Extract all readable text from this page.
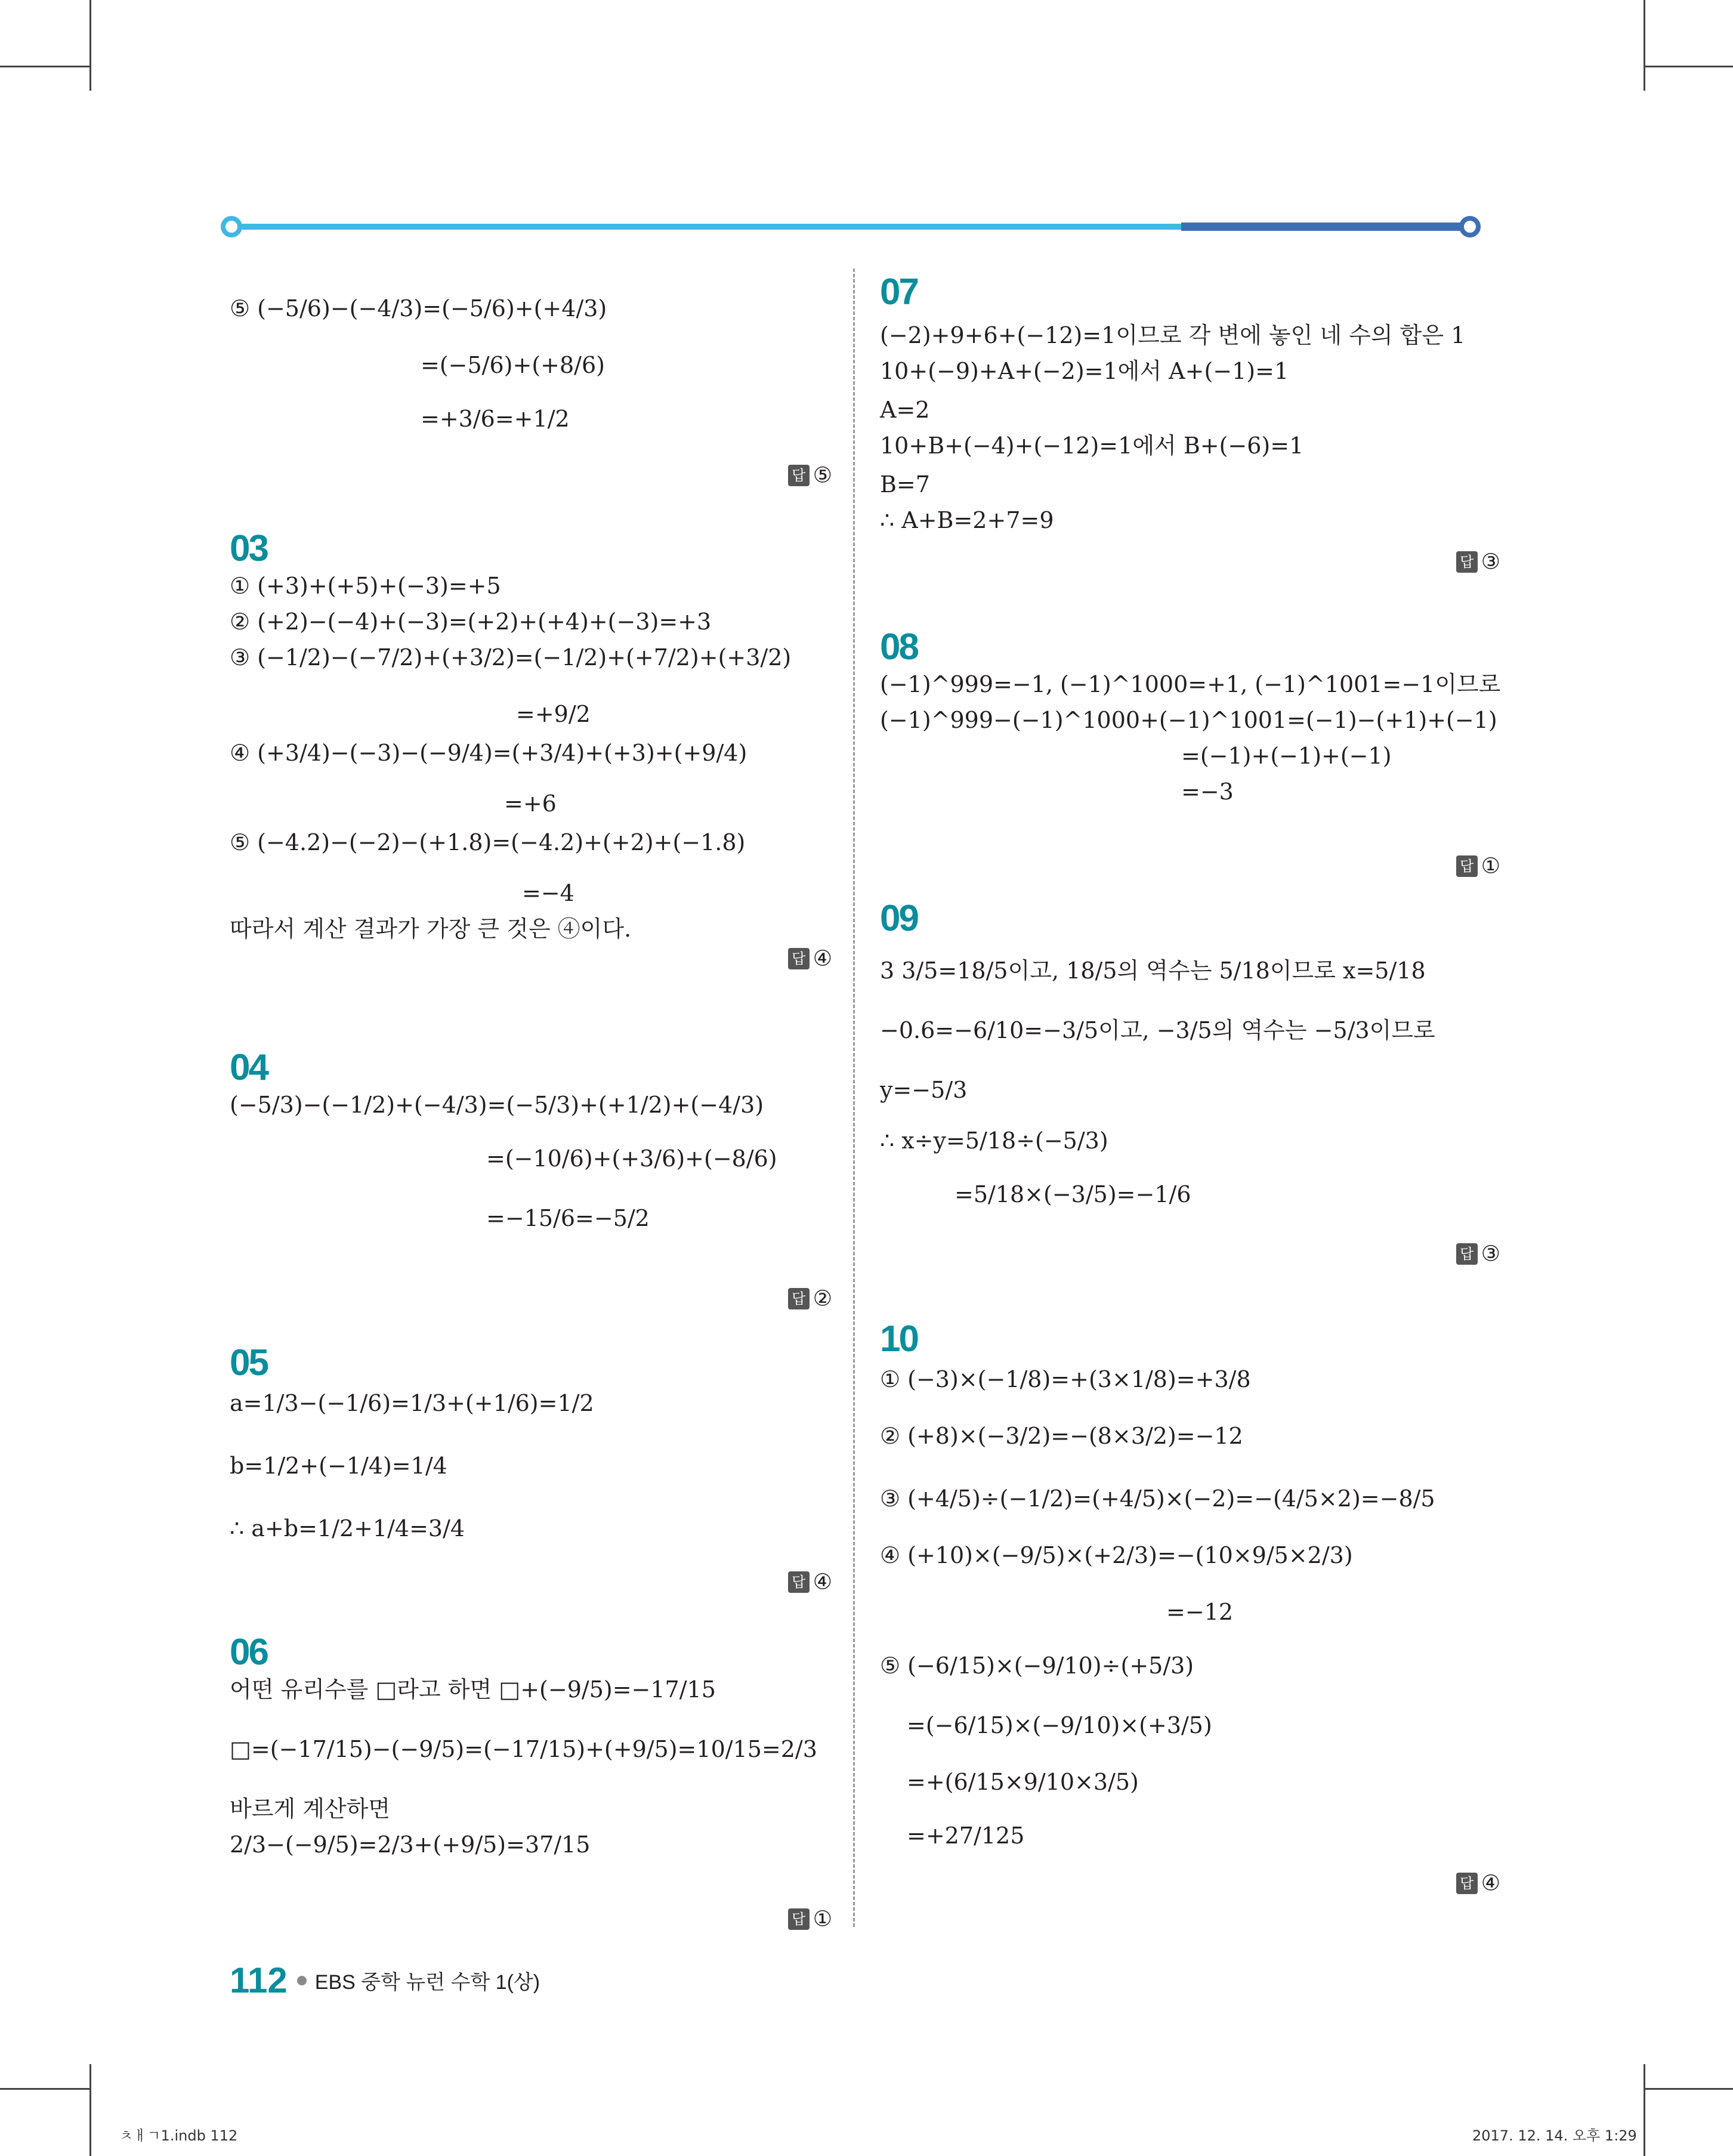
⑤ (−5/6)−(−4/3)=(−5/6)+(+4/3)
=(−5/6)+(+8/6)
=+3/6=+1/2
답 ⑤
03
① (+3)+(+5)+(−3)=+5
② (+2)−(−4)+(−3)=(+2)+(+4)+(−3)=+3
③ (−1/2)−(−7/2)+(+3/2)=(−1/2)+(+7/2)+(+3/2)
=+9/2
④ (+3/4)−(−3)−(−9/4)=(+3/4)+(+3)+(+9/4)
=+6
⑤ (−4.2)−(−2)−(+1.8)=(−4.2)+(+2)+(−1.8)
=−4
따라서 계산 결과가 가장 큰 것은 ④이다.
답 ④
04
(−5/3)−(−1/2)+(−4/3)=(−5/3)+(+1/2)+(−4/3)
=(−10/6)+(+3/6)+(−8/6)
=−15/6=−5/2
답 ②
05
a=1/3−(−1/6)=1/3+(+1/6)=1/2
b=1/2+(−1/4)=1/4
∴ a+b=1/2+1/4=3/4
답 ④
06
어떤 유리수를 □라고 하면 □+(−9/5)=−17/15
□=(−17/15)−(−9/5)=(−17/15)+(+9/5)=10/15=2/3
바르게 계산하면
2/3−(−9/5)=2/3+(+9/5)=37/15
답 ①
07
(−2)+9+6+(−12)=1이므로 각 변에 놓인 네 수의 합은 1
10+(−9)+A+(−2)=1에서 A+(−1)=1
A=2
10+B+(−4)+(−12)=1에서 B+(−6)=1
B=7
∴ A+B=2+7=9
답 ③
08
(−1)^999=−1, (−1)^1000=+1, (−1)^1001=−1이므로
(−1)^999−(−1)^1000+(−1)^1001=(−1)−(+1)+(−1)
=(−1)+(−1)+(−1)
=−3
답 ①
09
3 3/5=18/5이고, 18/5의 역수는 5/18이므로 x=5/18
−0.6=−6/10=−3/5이고, −3/5의 역수는 −5/3이므로
y=−5/3
∴ x÷y=5/18÷(−5/3)
=5/18×(−3/5)=−1/6
답 ③
10
① (−3)×(−1/8)=+(3×1/8)=+3/8
② (+8)×(−3/2)=−(8×3/2)=−12
③ (+4/5)÷(−1/2)=(+4/5)×(−2)=−(4/5×2)=−8/5
④ (+10)×(−9/5)×(+2/3)=−(10×9/5×2/3)
=−12
⑤ (−6/15)×(−9/10)÷(+5/3)
=(−6/15)×(−9/10)×(+3/5)
=+(6/15×9/10×3/5)
=+27/125
답 ④
112 EBS 중학 뉴런 수학 1(상)
ㅊㅐㄱ1.indb 112	2017. 12. 14. 오후 1:29
